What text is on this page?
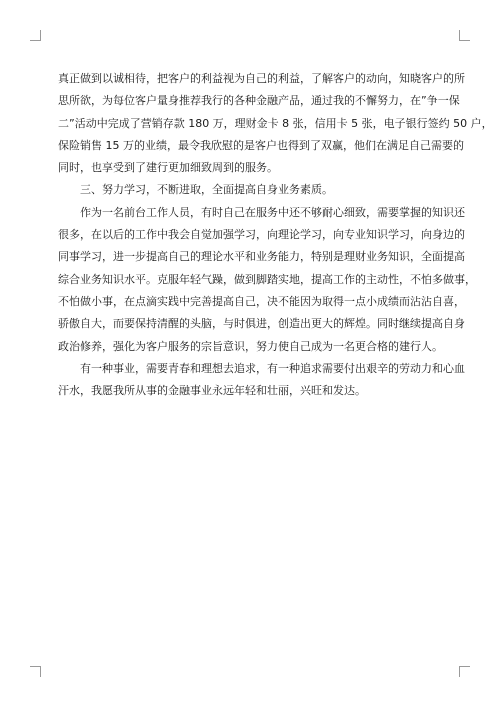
真正做到以诚相待，把客户的利益视为自己的利益，了解客户的动向，知晓客户的所
思所欲，为每位客户量身推荐我行的各种金融产品，通过我的不懈努力，在”争一保
二”活动中完成了营销存款 180 万，理财金卡 8 张，信用卡 5 张，电子银行签约 50 户，
保险销售 15 万的业绩，最令我欣慰的是客户也得到了双赢，他们在满足自己需要的
同时，也享受到了建行更加细致周到的服务。
三、努力学习，不断进取，全面提高自身业务素质。
作为一名前台工作人员，有时自己在服务中还不够耐心细致，需要掌握的知识还
很多，在以后的工作中我会自觉加强学习，向理论学习，向专业知识学习，向身边的
同事学习，进一步提高自己的理论水平和业务能力，特别是理财业务知识，全面提高
综合业务知识水平。克服年轻气躁，做到脚踏实地，提高工作的主动性，不怕多做事，
不怕做小事，在点滴实践中完善提高自己，决不能因为取得一点小成绩而沾沾自喜，
骄傲自大，而要保持清醒的头脑，与时俱进，创造出更大的辉煌。同时继续提高自身
政治修养，强化为客户服务的宗旨意识，努力使自己成为一名更合格的建行人。
有一种事业，需要青春和理想去追求，有一种追求需要付出艰辛的劳动力和心血
汗水，我愿我所从事的金融事业永远年轻和壮丽，兴旺和发达。
